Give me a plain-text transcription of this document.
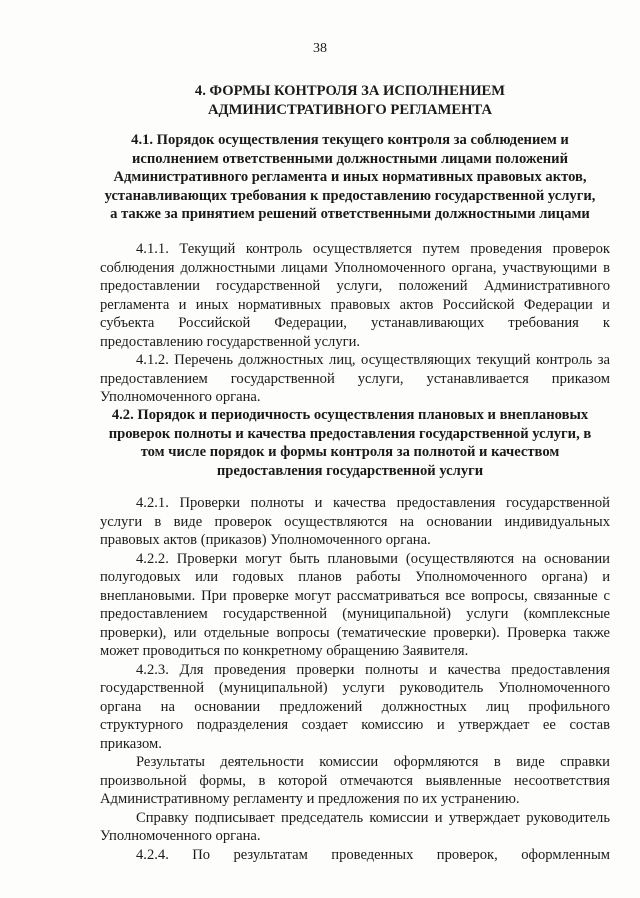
38
4. ФОРМЫ КОНТРОЛЯ ЗА ИСПОЛНЕНИЕМ
АДМИНИСТРАТИВНОГО РЕГЛАМЕНТА
4.1. Порядок осуществления текущего контроля за соблюдением и
исполнением ответственными должностными лицами положений
Административного регламента и иных нормативных правовых актов,
устанавливающих требования к предоставлению государственной услуги,
а также за принятием решений ответственными должностными лицами

4.1.1. Текущий контроль осуществляется путем проведения проверок
соблюдения должностными лицами Уполномоченного органа, участвующими в
предоставлении государственной услуги, положений Административного
регламента и иных нормативных правовых актов Российской Федерации и
субъекта Российской Федерации, устанавливающих требования к
предоставлению государственной услуги.

4.1.2. Перечень должностных лиц, осуществляющих текущий контроль за
предоставлением государственной услуги, устанавливается приказом
Уполномоченного органа.

4.2. Порядок и периодичность осуществления плановых и внеплановых
проверок полноты и качества предоставления государственной услуги, в
том числе порядок и формы контроля за полнотой и качеством
предоставления государственной услуги

4.2.1. Проверки полноты и качества предоставления государственной
услуги в виде проверок осуществляются на основании индивидуальных
правовых актов (приказов) Уполномоченного органа.

4.2.2. Проверки могут быть плановыми (осуществляются на основании
полугодовых или годовых планов работы Уполномоченного органа) и
внеплановыми. При проверке могут рассматриваться все вопросы, связанные с
предоставлением государственной (муниципальной) услуги (комплексные
проверки), или отдельные вопросы (тематические проверки). Проверка также
может проводиться по конкретному обращению Заявителя.

4.2.3. Для проведения проверки полноты и качества предоставления
государственной (муниципальной) услуги руководитель Уполномоченного
органа на основании предложений должностных лиц профильного
структурного подразделения создает комиссию и утверждает ее состав
приказом.

Результаты деятельности комиссии оформляются в виде справки
произвольной формы, в которой отмечаются выявленные несоответствия
Административному регламенту и предложения по их устранению.

Справку подписывает председатель комиссии и утверждает руководитель
Уполномоченного органа.

4.2.4. По результатам проведенных проверок, оформленным
